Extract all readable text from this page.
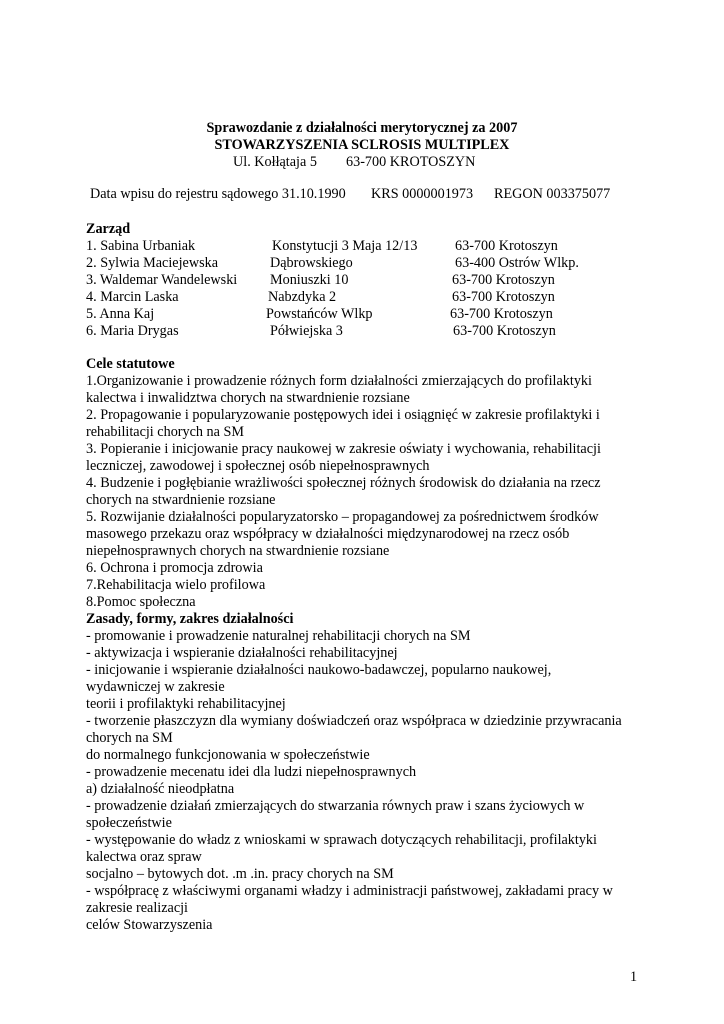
Sprawozdanie z działalności merytorycznej za 2007
STOWARZYSZENIA SCLROSIS MULTIPLEX
Ul. Kołłątaja 5 63-700 KROTOSZYN
Data wpisu do rejestru sądowego 31.10.1990 KRS 0000001973 REGON 003375077
Zarząd
1. Sabina Urbaniak	Konstytucji 3 Maja 12/13	63-700 Krotoszyn
2. Sylwia Maciejewska	Dąbrowskiego	63-400 Ostrów Wlkp.
3. Waldemar Wandelewski Moniuszki 10	63-700 Krotoszyn
4. Marcin Laska	Nabzdyka 2	63-700 Krotoszyn
5. Anna Kaj	Powstańców Wlkp	63-700 Krotoszyn
6. Maria Drygas	Półwiejska 3	63-700 Krotoszyn
Cele statutowe
1.Organizowanie i prowadzenie różnych form działalności zmierzających do profilaktyki
kalectwa i inwalidztwa chorych na stwardnienie rozsiane
2. Propagowanie i popularyzowanie postępowych idei i osiągnięć w zakresie profilaktyki i
rehabilitacji chorych na SM
3. Popieranie i inicjowanie pracy naukowej w zakresie oświaty i wychowania, rehabilitacji
leczniczej, zawodowej i społecznej osób niepełnosprawnych
4. Budzenie i pogłębianie wrażliwości społecznej różnych środowisk do działania na rzecz
chorych na stwardnienie rozsiane
5. Rozwijanie działalności popularyzatorsko – propagandowej za pośrednictwem środków
masowego przekazu oraz współpracy w działalności międzynarodowej na rzecz osób
niepełnosprawnych chorych na stwardnienie rozsiane
6. Ochrona i promocja zdrowia
7.Rehabilitacja wielo profilowa
8.Pomoc społeczna
Zasady, formy, zakres działalności
- promowanie i prowadzenie naturalnej rehabilitacji chorych na SM
- aktywizacja i wspieranie działalności rehabilitacyjnej
- inicjowanie i wspieranie działalności naukowo-badawczej, popularno naukowej,
wydawniczej w zakresie
teorii i profilaktyki rehabilitacyjnej
- tworzenie płaszczyzn dla wymiany doświadczeń oraz współpraca w dziedzinie przywracania
chorych na SM
do normalnego funkcjonowania w społeczeństwie
- prowadzenie mecenatu idei dla ludzi niepełnosprawnych
a) działalność nieodpłatna
- prowadzenie działań zmierzających do stwarzania równych praw i szans życiowych w
społeczeństwie
- występowanie do władz z wnioskami w sprawach dotyczących rehabilitacji, profilaktyki
kalectwa oraz spraw
socjalno – bytowych dot. .m .in. pracy chorych na SM
- współpracę z właściwymi organami władzy i administracji państwowej, zakładami pracy w
zakresie realizacji
celów Stowarzyszenia
1
